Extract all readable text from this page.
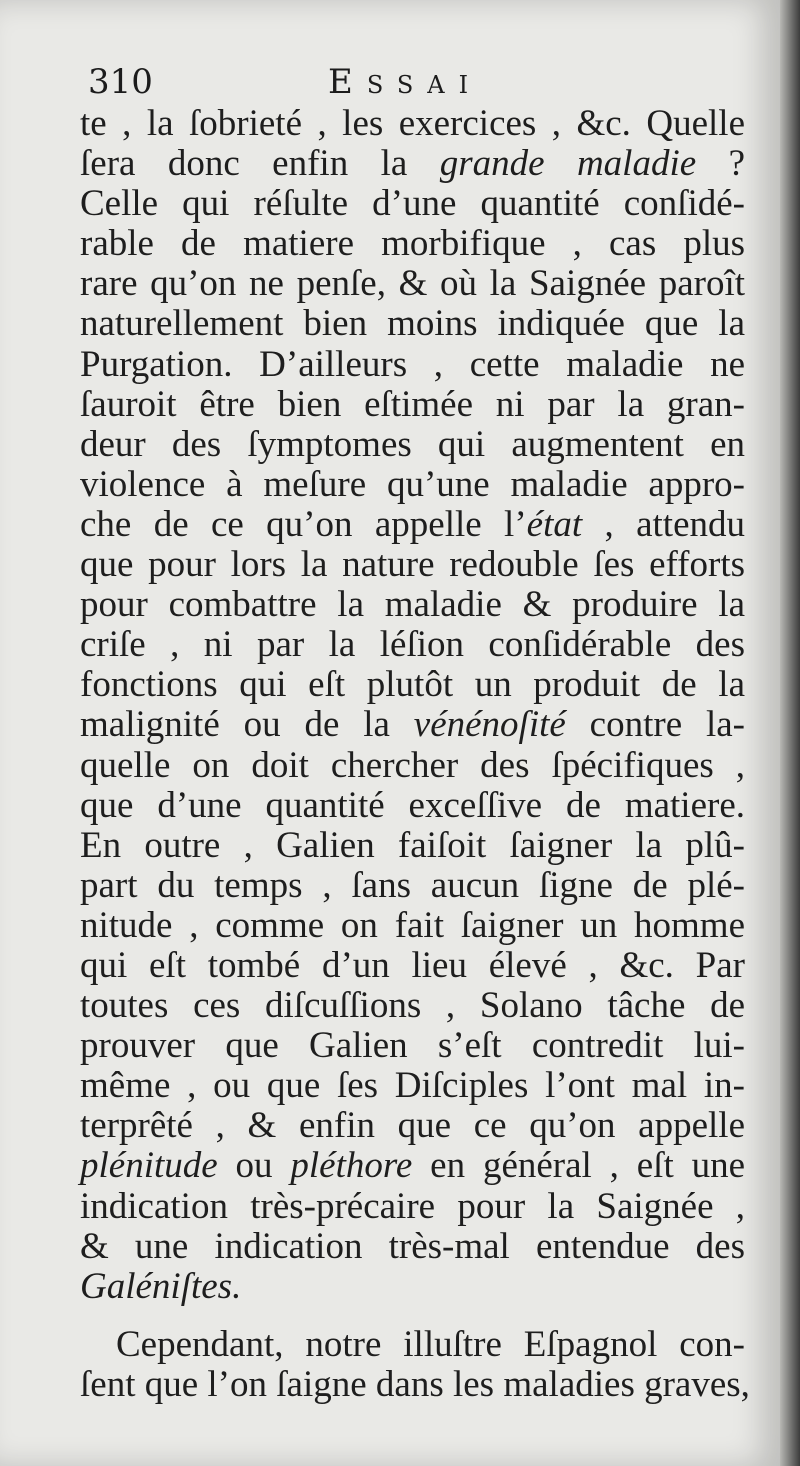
310	Essai
te , la ſobrieté , les exercices , &c. Quelle
ſera donc enfin la grande maladie ?
Celle qui réſulte d’une quantité conſidé-
rable de matiere morbifique , cas plus
rare qu’on ne penſe, & où la Saignée paroît
naturellement bien moins indiquée que la
Purgation. D’ailleurs , cette maladie ne
ſauroit être bien eſtimée ni par la gran-
deur des ſymptomes qui augmentent en
violence à meſure qu’une maladie appro-
che de ce qu’on appelle l’état , attendu
que pour lors la nature redouble ſes efforts
pour combattre la maladie & produire la
criſe , ni par la léſion conſidérable des
fonctions qui eſt plutôt un produit de la
malignité ou de la vénénoſité contre la-
quelle on doit chercher des ſpécifiques ,
que d’une quantité exceſſive de matiere.
En outre , Galien faiſoit ſaigner la plû-
part du temps , ſans aucun ſigne de plé-
nitude , comme on fait ſaigner un homme
qui eſt tombé d’un lieu élevé , &c. Par
toutes ces diſcuſſions , Solano tâche de
prouver que Galien s’eſt contredit lui-
même , ou que ſes Diſciples l’ont mal in-
terprêté , & enfin que ce qu’on appelle
plénitude ou pléthore en général , eſt une
indication très-précaire pour la Saignée ,
& une indication très-mal entendue des
Galéniſtes.
Cependant, notre illuſtre Eſpagnol con-
ſent que l’on ſaigne dans les maladies graves,
